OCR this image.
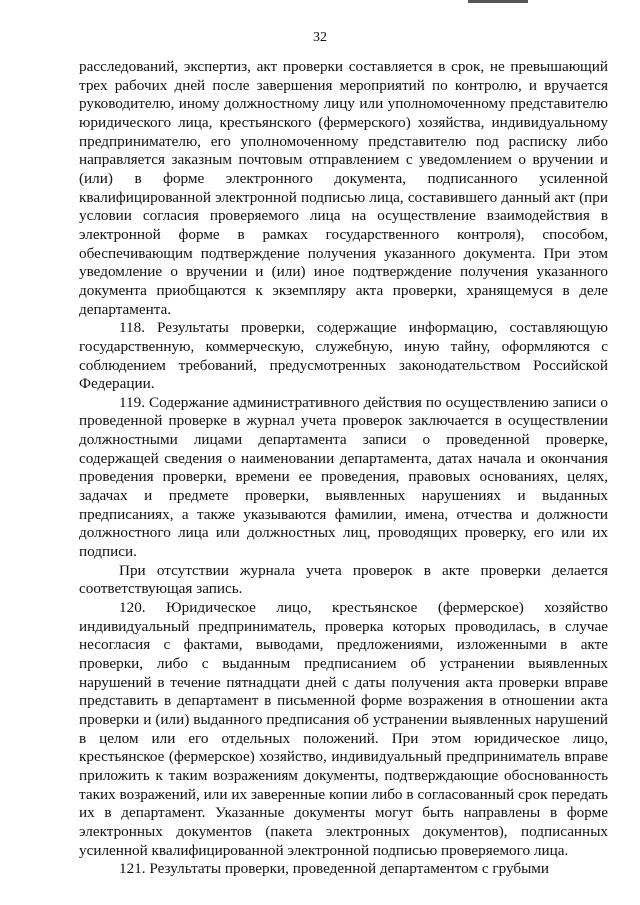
32

расследований, экспертиз, акт проверки составляется в срок, не превышающий трех рабочих дней после завершения мероприятий по контролю, и вручается руководителю, иному должностному лицу или уполномоченному представителю юридического лица, крестьянского (фермерского) хозяйства, индивидуальному предпринимателю, его уполномоченному представителю под расписку либо направляется заказным почтовым отправлением с уведомлением о вручении и (или) в форме электронного документа, подписанного усиленной квалифицированной электронной подписью лица, составившего данный акт (при условии согласия проверяемого лица на осуществление взаимодействия в электронной форме в рамках государственного контроля), способом, обеспечивающим подтверждение получения указанного документа. При этом уведомление о вручении и (или) иное подтверждение получения указанного документа приобщаются к экземпляру акта проверки, хранящемуся в деле департамента.

118. Результаты проверки, содержащие информацию, составляющую государственную, коммерческую, служебную, иную тайну, оформляются с соблюдением требований, предусмотренных законодательством Российской Федерации.

119. Содержание административного действия по осуществлению записи о проведенной проверке в журнал учета проверок заключается в осуществлении должностными лицами департамента записи о проведенной проверке, содержащей сведения о наименовании департамента, датах начала и окончания проведения проверки, времени ее проведения, правовых основаниях, целях, задачах и предмете проверки, выявленных нарушениях и выданных предписаниях, а также указываются фамилии, имена, отчества и должности должностного лица или должностных лиц, проводящих проверку, его или их подписи.

При отсутствии журнала учета проверок в акте проверки делается соответствующая запись.

120. Юридическое лицо, крестьянское (фермерское) хозяйство индивидуальный предприниматель, проверка которых проводилась, в случае несогласия с фактами, выводами, предложениями, изложенными в акте проверки, либо с выданным предписанием об устранении выявленных нарушений в течение пятнадцати дней с даты получения акта проверки вправе представить в департамент в письменной форме возражения в отношении акта проверки и (или) выданного предписания об устранении выявленных нарушений в целом или его отдельных положений. При этом юридическое лицо, крестьянское (фермерское) хозяйство, индивидуальный предприниматель вправе приложить к таким возражениям документы, подтверждающие обоснованность таких возражений, или их заверенные копии либо в согласованный срок передать их в департамент. Указанные документы могут быть направлены в форме электронных документов (пакета электронных документов), подписанных усиленной квалифицированной электронной подписью проверяемого лица.

121. Результаты проверки, проведенной департаментом с грубыми
